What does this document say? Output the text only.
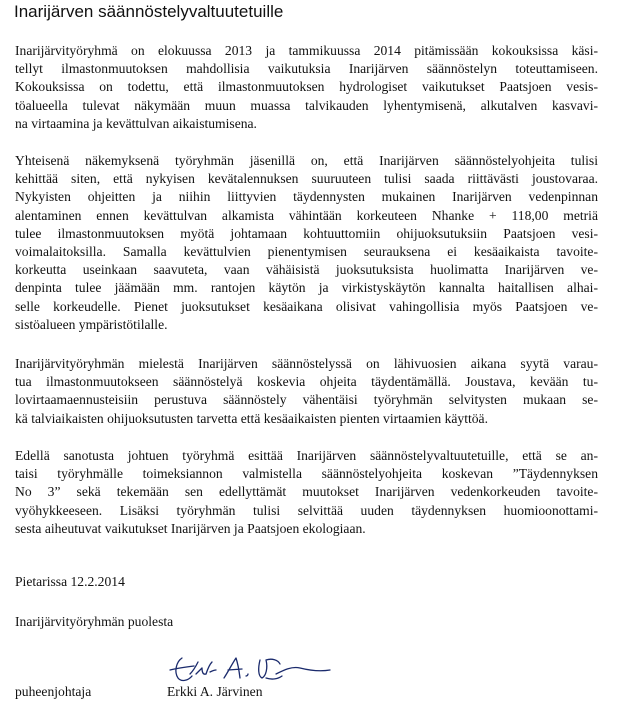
Inarijärven säännöstelyvaltuutetuille
Inarijärvityöryhmä on elokuussa 2013 ja tammikuussa 2014 pitämissään kokouksissa käsi-
tellyt ilmastonmuutoksen mahdollisia vaikutuksia Inarijärven säännöstelyn toteuttamiseen.
Kokouksissa on todettu, että ilmastonmuutoksen hydrologiset vaikutukset Paatsjoen vesis-
töalueella tulevat näkymään muun muassa talvikauden lyhentymisenä, alkutalven kasvavi-
na virtaamina ja kevättulvan aikaistumisena.
Yhteisenä näkemyksenä työryhmän jäsenillä on, että Inarijärven säännöstelyohjeita tulisi
kehittää siten, että nykyisen kevätalennuksen suuruuteen tulisi saada riittävästi joustovaraa.
Nykyisten ohjeitten ja niihin liittyvien täydennysten mukainen Inarijärven vedenpinnan
alentaminen ennen kevättulvan alkamista vähintään korkeuteen Nhanke + 118,00 metriä
tulee ilmastonmuutoksen myötä johtamaan kohtuuttomiin ohijuoksutuksiin Paatsjoen vesi-
voimalaitoksilla. Samalla kevättulvien pienentymisen seurauksena ei kesäaikaista tavoite-
korkeutta useinkaan saavuteta, vaan vähäisistä juoksutuksista huolimatta Inarijärven ve-
denpinta tulee jäämään mm. rantojen käytön ja virkistyskäytön kannalta haitallisen alhai-
selle korkeudelle. Pienet juoksutukset kesäaikana olisivat vahingollisia myös Paatsjoen ve-
sistöalueen ympäristötilalle.
Inarijärvityöryhmän mielestä Inarijärven säännöstelyssä on lähivuosien aikana syytä varau-
tua ilmastonmuutokseen säännöstelyä koskevia ohjeita täydentämällä. Joustava, kevään tu-
lovirtaamaennusteisiin perustuva säännöstely vähentäisi työryhmän selvitysten mukaan se-
kä talviaikaisten ohijuoksutusten tarvetta että kesäaikaisten pienten virtaamien käyttöä.
Edellä sanotusta johtuen työryhmä esittää Inarijärven säännöstelyvaltuutetuille, että se an-
taisi työryhmälle toimeksiannon valmistella säännöstelyohjeita koskevan ”Täydennyksen
No 3” sekä tekemään sen edellyttämät muutokset Inarijärven vedenkorkeuden tavoite-
vyöhykkeeseen. Lisäksi työryhmän tulisi selvittää uuden täydennyksen huomioonottami-
sesta aiheutuvat vaikutukset Inarijärven ja Paatsjoen ekologiaan.
Pietarissa 12.2.2014
Inarijärvityöryhmän puolesta
puheenjohtaja	Erkki A. Järvinen
